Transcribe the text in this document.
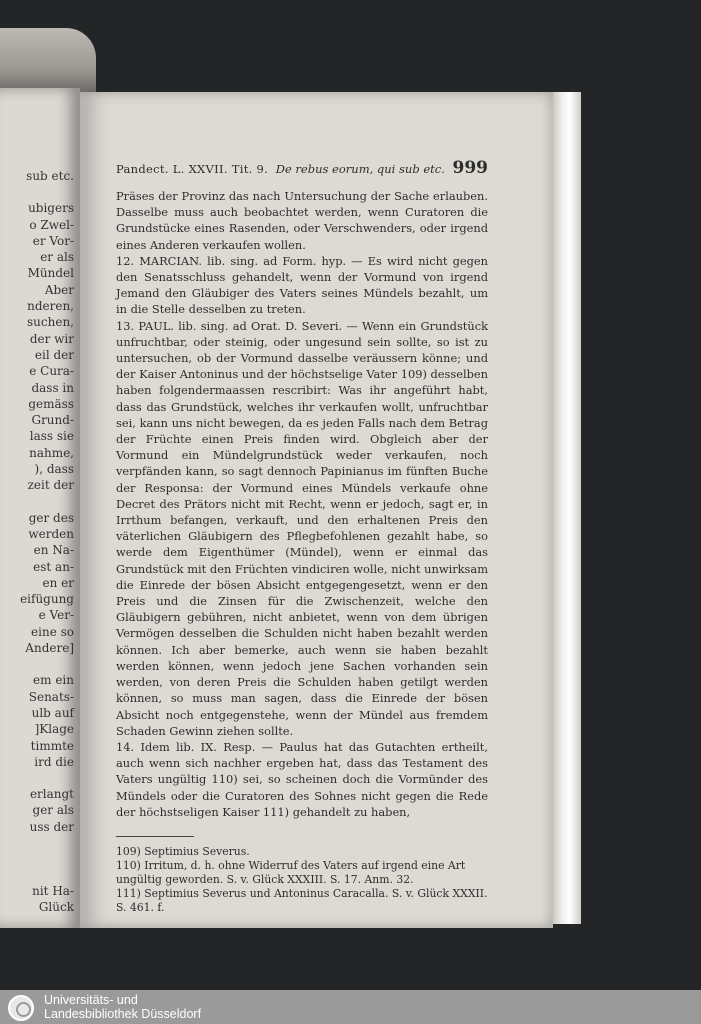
sub etc.
ubigers
o Zwel-
er Vor-
er als
Mündel
Aber
nderen,
suchen,
der wir
eil der
e Cura-
dass in
gemäss
Grund-
lass sie
nahme,
), dass
zeit der
ger des
werden
en Na-
est an-
en er
eifügung
e Ver-
eine so
Andere]
em ein
Senats-
ulb auf
]Klage
timmte
ird die
erlangt
ger als
uss der
nit Ha-
Glück
Pandect. L. XXVII. Tit. 9. De rebus eorum, qui sub etc. 999

Präses der Provinz das nach Untersuchung der Sache erlauben. Dasselbe muss auch beobachtet werden, wenn Curatoren die Grundstücke eines Rasenden, oder Verschwenders, oder irgend eines Anderen verkaufen wollen.

12. MARCIAN. lib. sing. ad Form. hyp. — Es wird nicht gegen den Senatsschluss gehandelt, wenn der Vormund von irgend Jemand den Gläubiger des Vaters seines Mündels bezahlt, um in die Stelle desselben zu treten.

13. PAUL. lib. sing. ad Orat. D. Severi. — Wenn ein Grundstück unfruchtbar, oder steinig, oder ungesund sein sollte, so ist zu untersuchen, ob der Vormund dasselbe veräussern könne; und der Kaiser Antoninus und der höchstselige Vater 109) desselben haben folgendermaassen rescribirt: Was ihr angeführt habt, dass das Grundstück, welches ihr verkaufen wollt, unfruchtbar sei, kann uns nicht bewegen, da es jeden Falls nach dem Betrag der Früchte einen Preis finden wird. Obgleich aber der Vormund ein Mündelgrundstück weder verkaufen, noch verpfänden kann, so sagt dennoch Papinianus im fünften Buche der Responsa: der Vormund eines Mündels verkaufe ohne Decret des Prätors nicht mit Recht, wenn er jedoch, sagt er, in Irrthum befangen, verkauft, und den erhaltenen Preis den väterlichen Gläubigern des Pflegbefohlenen gezahlt habe, so werde dem Eigenthümer (Mündel), wenn er einmal das Grundstück mit den Früchten vindiciren wolle, nicht unwirksam die Einrede der bösen Absicht entgegengesetzt, wenn er den Preis und die Zinsen für die Zwischenzeit, welche den Gläubigern gebühren, nicht anbietet, wenn von dem übrigen Vermögen desselben die Schulden nicht haben bezahlt werden können. Ich aber bemerke, auch wenn sie haben bezahlt werden können, wenn jedoch jene Sachen vorhanden sein werden, von deren Preis die Schulden haben getilgt werden können, so muss man sagen, dass die Einrede der bösen Absicht noch entgegenstehe, wenn der Mündel aus fremdem Schaden Gewinn ziehen sollte.

14. Idem lib. IX. Resp. — Paulus hat das Gutachten ertheilt, auch wenn sich nachher ergeben hat, dass das Testament des Vaters ungültig 110) sei, so scheinen doch die Vormünder des Mündels oder die Curatoren des Sohnes nicht gegen die Rede der höchstseligen Kaiser 111) gehandelt zu haben,

109) Septimius Severus.

110) Irritum, d. h. ohne Widerruf des Vaters auf irgend eine Art ungültig geworden. S. v. Glück XXXIII. S. 17. Anm. 32.

111) Septimius Severus und Antoninus Caracalla. S. v. Glück XXXII. S. 461. f.

Universitäts- und
Landesbibliothek Düsseldorf
